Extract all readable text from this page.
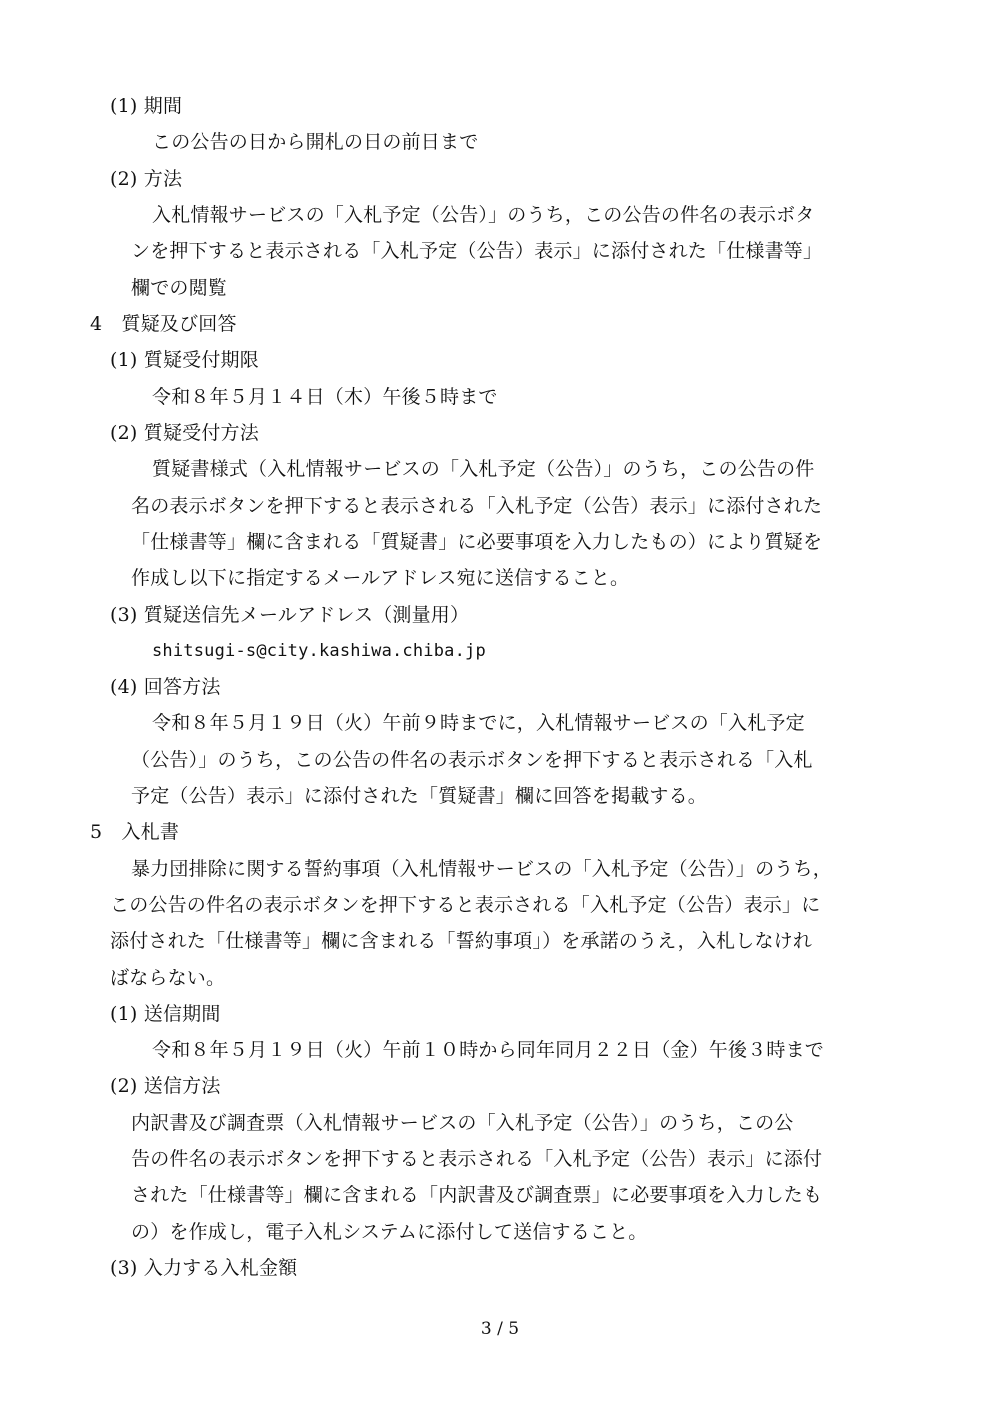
(1) 期間
この公告の日から開札の日の前日まで
(2) 方法
入札情報サービスの「入札予定（公告）」のうち，この公告の件名の表示ボタ
ンを押下すると表示される「入札予定（公告）表示」に添付された「仕様書等」
欄での閲覧
4　質疑及び回答
(1) 質疑受付期限
令和８年５月１４日（木）午後５時まで
(2) 質疑受付方法
質疑書様式（入札情報サービスの「入札予定（公告）」のうち，この公告の件
名の表示ボタンを押下すると表示される「入札予定（公告）表示」に添付された
「仕様書等」欄に含まれる「質疑書」に必要事項を入力したもの）により質疑を
作成し以下に指定するメールアドレス宛に送信すること。
(3) 質疑送信先メールアドレス（測量用）
shitsugi-s@city.kashiwa.chiba.jp
(4) 回答方法
令和８年５月１９日（火）午前９時までに，入札情報サービスの「入札予定
（公告）」のうち，この公告の件名の表示ボタンを押下すると表示される「入札
予定（公告）表示」に添付された「質疑書」欄に回答を掲載する。
5　入札書
暴力団排除に関する誓約事項（入札情報サービスの「入札予定（公告）」のうち，
この公告の件名の表示ボタンを押下すると表示される「入札予定（公告）表示」に
添付された「仕様書等」欄に含まれる「誓約事項」）を承諾のうえ，入札しなけれ
ばならない。
(1) 送信期間
令和８年５月１９日（火）午前１０時から同年同月２２日（金）午後３時まで
(2) 送信方法
内訳書及び調査票（入札情報サービスの「入札予定（公告）」のうち，この公
告の件名の表示ボタンを押下すると表示される「入札予定（公告）表示」に添付
された「仕様書等」欄に含まれる「内訳書及び調査票」に必要事項を入力したも
の）を作成し，電子入札システムに添付して送信すること。
(3) 入力する入札金額
3 / 5
